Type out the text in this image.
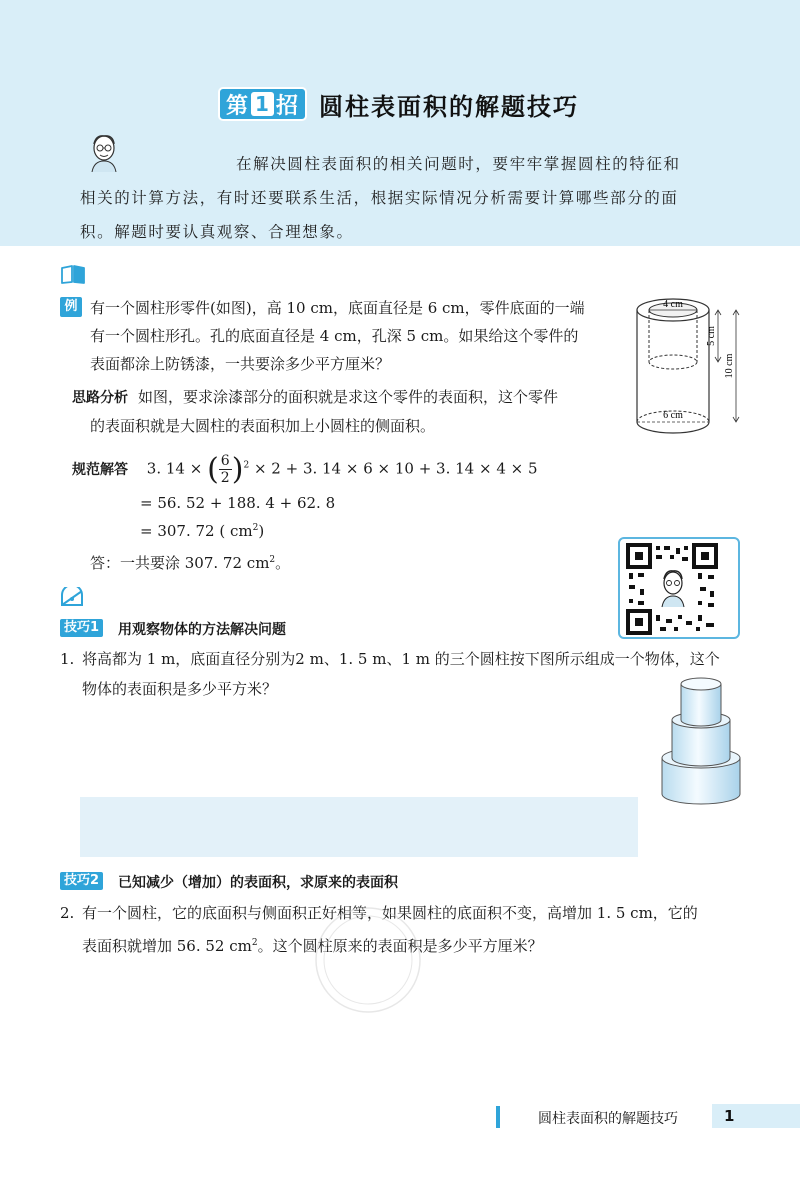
第 1 招 圆柱表面积的解题技巧
在解决圆柱表面积的相关问题时，要牢牢掌握圆柱的特征和
相关的计算方法，有时还要联系生活，根据实际情况分析需要计算哪些部分的面
积。解题时要认真观察、合理想象。
例 有一个圆柱形零件(如图)，高 10 cm，底面直径是 6 cm，零件底面的一端
有一个圆柱形孔。孔的底面直径是 4 cm，孔深 5 cm。如果给这个零件的
表面都涂上防锈漆，一共要涂多少平方厘米？
4 cm
6 cm
5 cm
10 cm
思路分析 如图，要求涂漆部分的面积就是求这个零件的表面积，这个零件
的表面积就是大圆柱的表面积加上小圆柱的侧面积。
规范解答 3. 14 × ( $\frac{6}{2} )^2 \times 2 + 3$. 14 × 6 × 10 + 3. 14 × 4 × 5
= 56. 52 + 188. 4 + 62. 8
= 307. 72 ( $cm^2$)
答：一共要涂 307. 72 $cm^2$。
技巧1 用观察物体的方法解决问题
1. 将高都为 1 m，底面直径分别为2 m、1. 5 m、1 m 的三个圆柱按下图所示组成一个物体，这个
物体的表面积是多少平方米？
技巧2 已知减少（增加）的表面积，求原来的表面积
2. 有一个圆柱，它的底面积与侧面积正好相等，如果圆柱的底面积不变，高增加 1. 5 cm，它的
表面积就增加 56. 52 $cm^2$。这个圆柱原来的表面积是多少平方厘米？
圆柱表面积的解题技巧	1
